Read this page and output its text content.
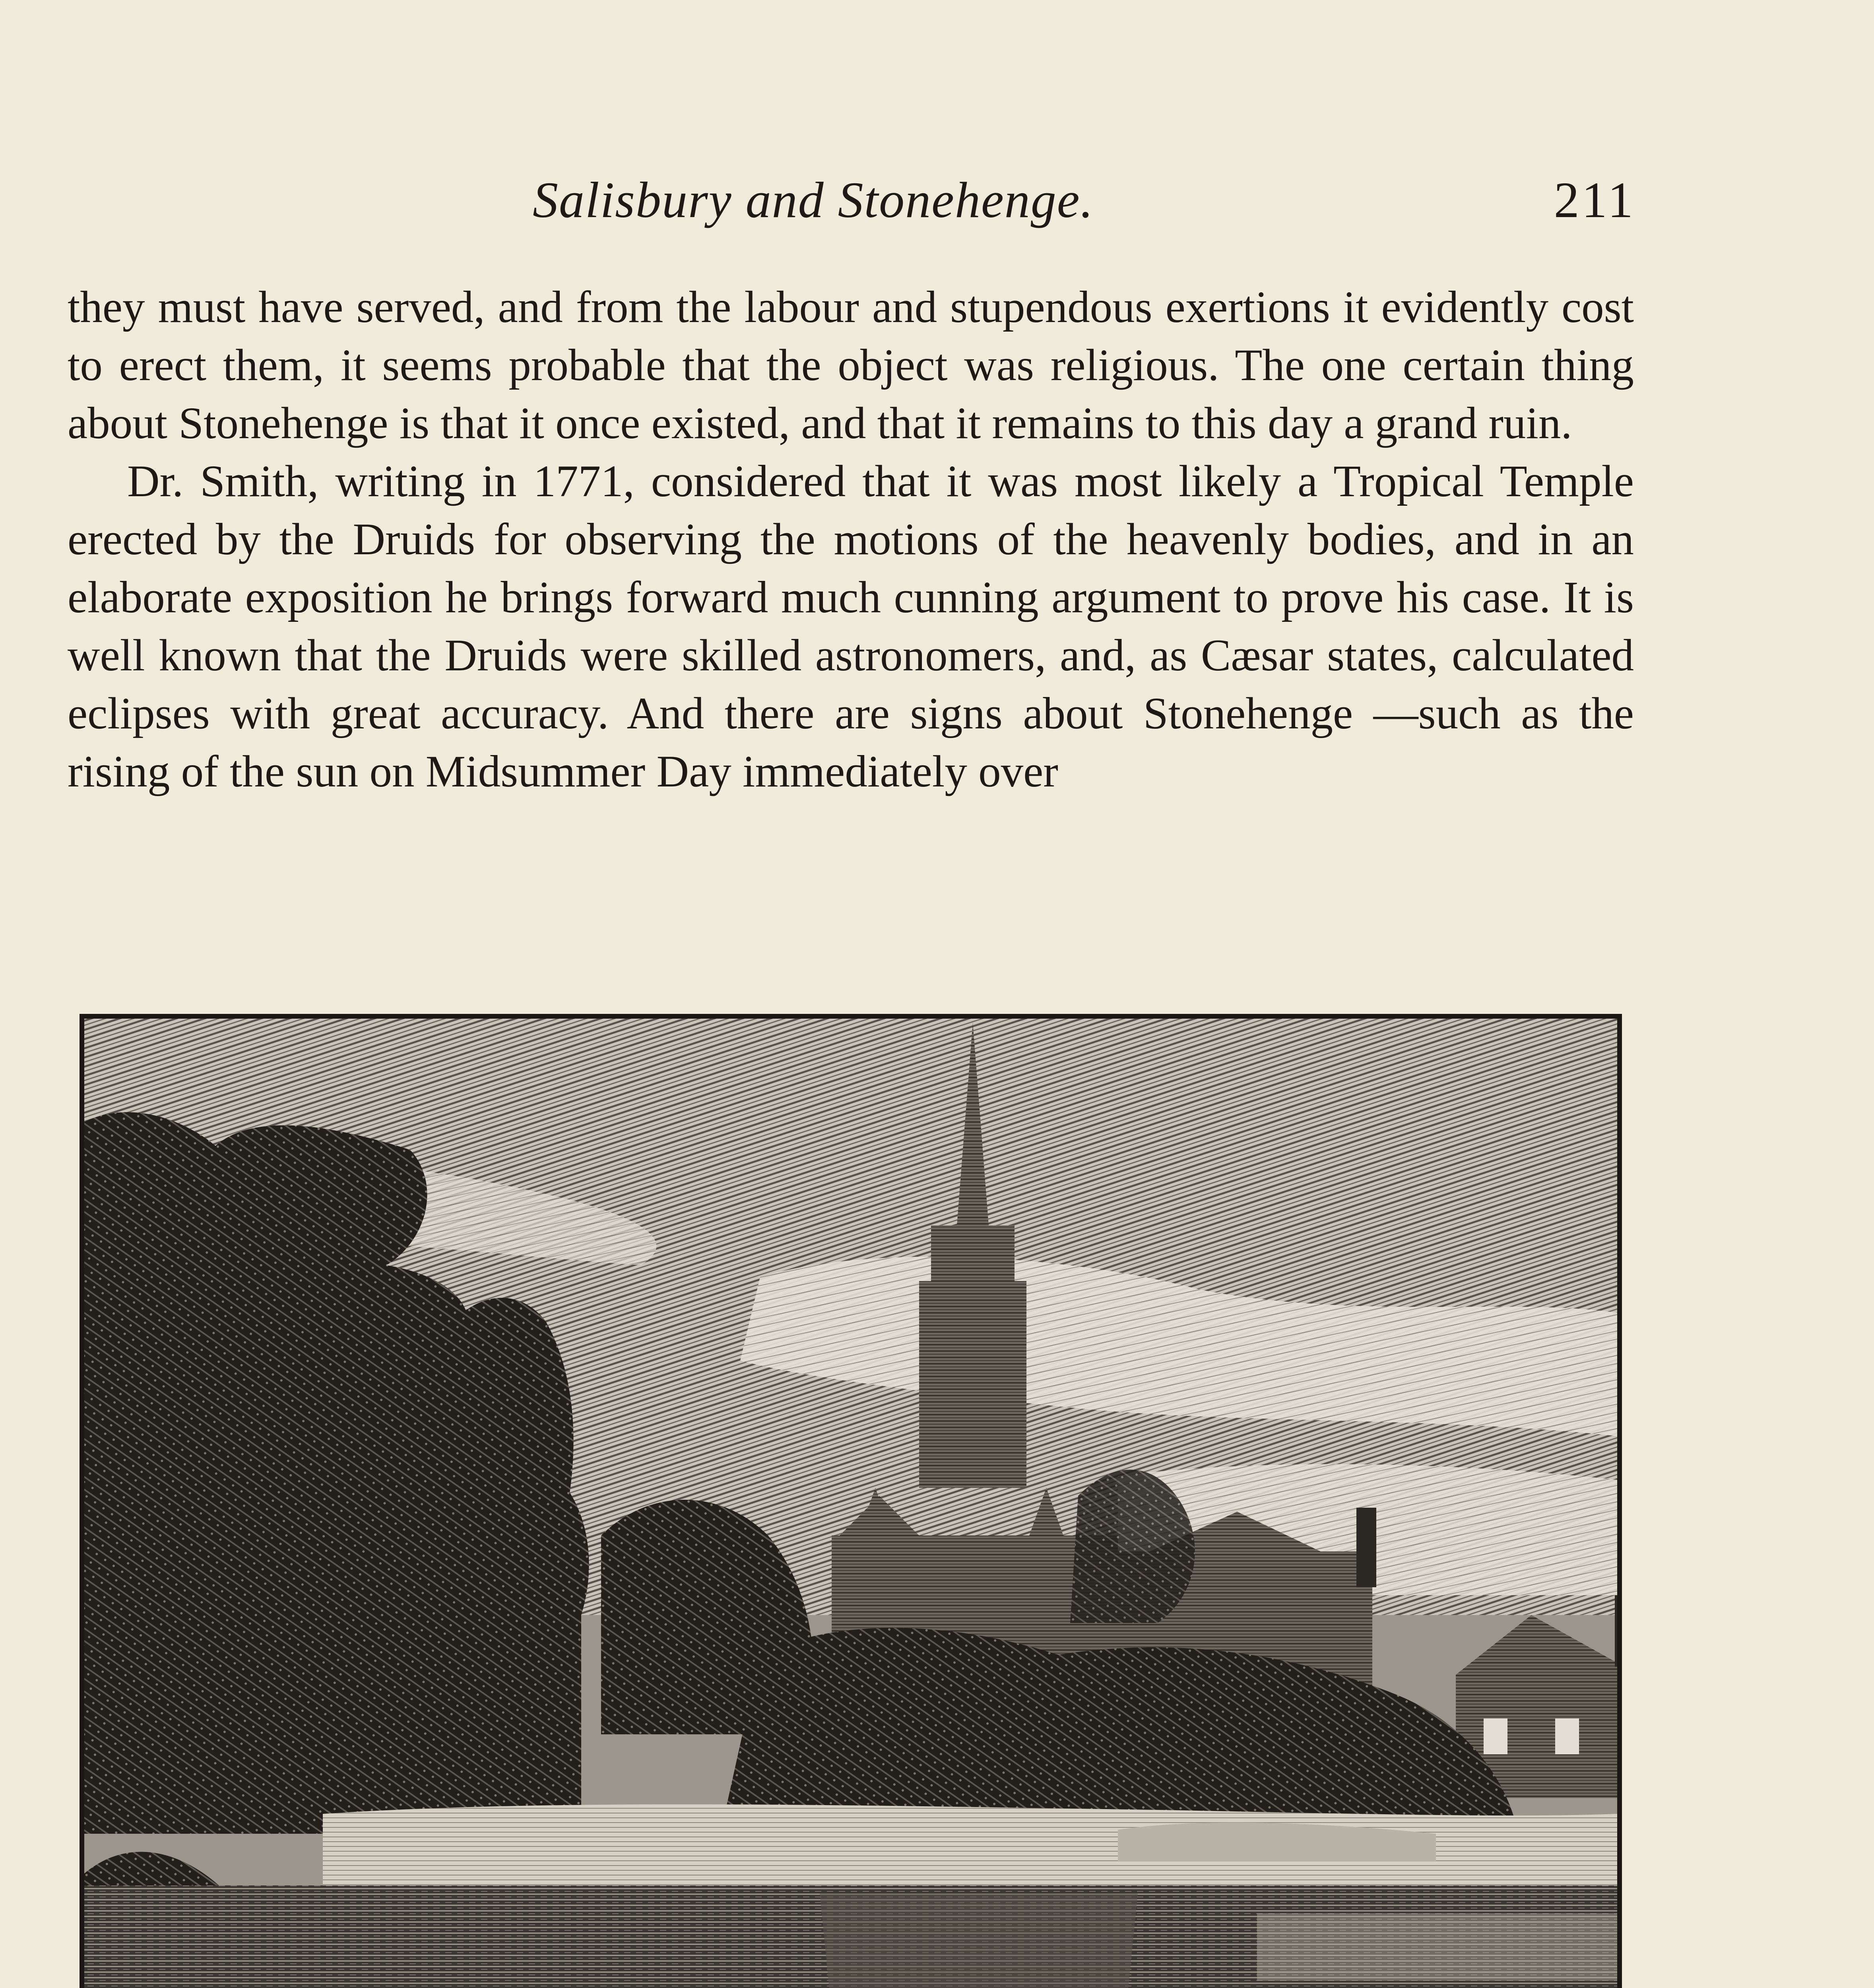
Salisbury and Stonehenge.	211

they must have served, and from the labour and stupendous exertions it evidently cost to erect them, it seems probable that the object was religious. The one certain thing about Stonehenge is that it once existed, and that it remains to this day a grand ruin.

Dr. Smith, writing in 1771, considered that it was most likely a Tropical Temple erected by the Druids for observing the motions of the heavenly bodies, and in an elaborate exposition he brings forward much cunning argument to prove his case. It is well known that the Druids were skilled astronomers, and, as Cæsar states, calculated eclipses with great accuracy. And there are signs about Stonehenge —such as the rising of the sun on Midsummer Day immediately over
